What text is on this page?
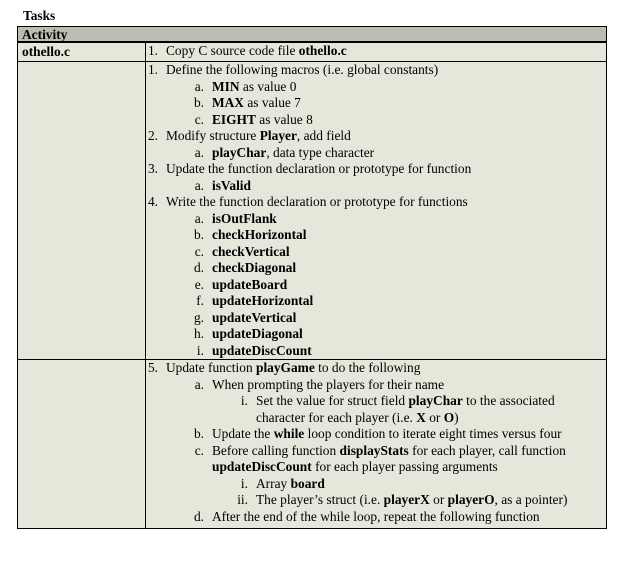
Tasks
Activity
othello.c	1. Copy C source code file othello.c
1. Define the following macros (i.e. global constants)
a. MIN as value 0
b. MAX as value 7
c. EIGHT as value 8
2. Modify structure Player, add field
a. playChar, data type character
3. Update the function declaration or prototype for function
a. isValid
4. Write the function declaration or prototype for functions
a. isOutFlank
b. checkHorizontal
c. checkVertical
d. checkDiagonal
e. updateBoard
f. updateHorizontal
g. updateVertical
h. updateDiagonal
i. updateDiscCount
5. Update function playGame to do the following
a. When prompting the players for their name
i. Set the value for struct field playChar to the associated
character for each player (i.e. X or O)
b. Update the while loop condition to iterate eight times versus four
c. Before calling function displayStats for each player, call function
updateDiscCount for each player passing arguments
i. Array board
ii. The player’s struct (i.e. playerX or playerO, as a pointer)
d. After the end of the while loop, repeat the following function
